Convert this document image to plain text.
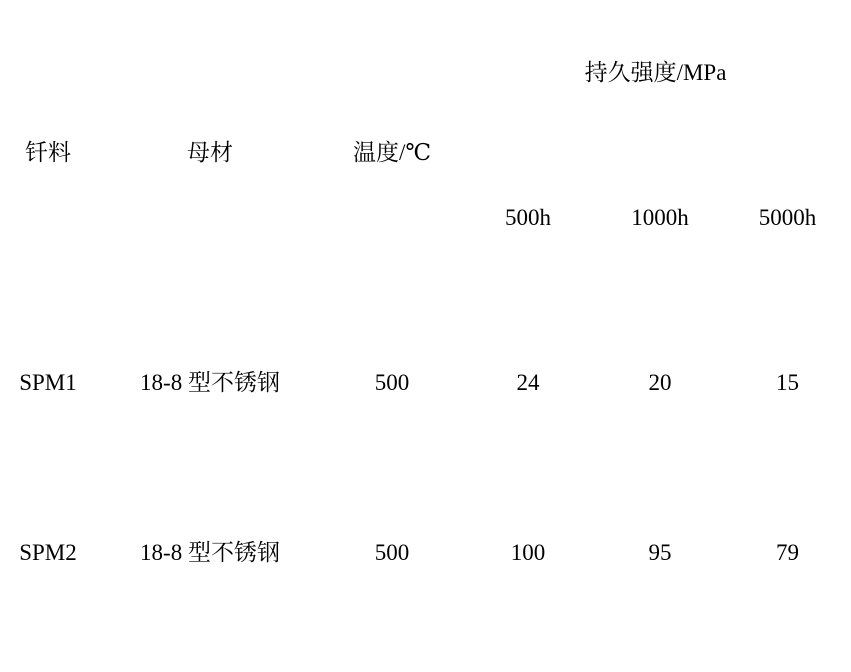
钎料	母材	温度/℃	持久强度/MPa		

			500h	1000h	5000h

SPM1	18-8 型不锈钢	500	24	20	15

SPM2	18-8 型不锈钢	500	100	95	79
